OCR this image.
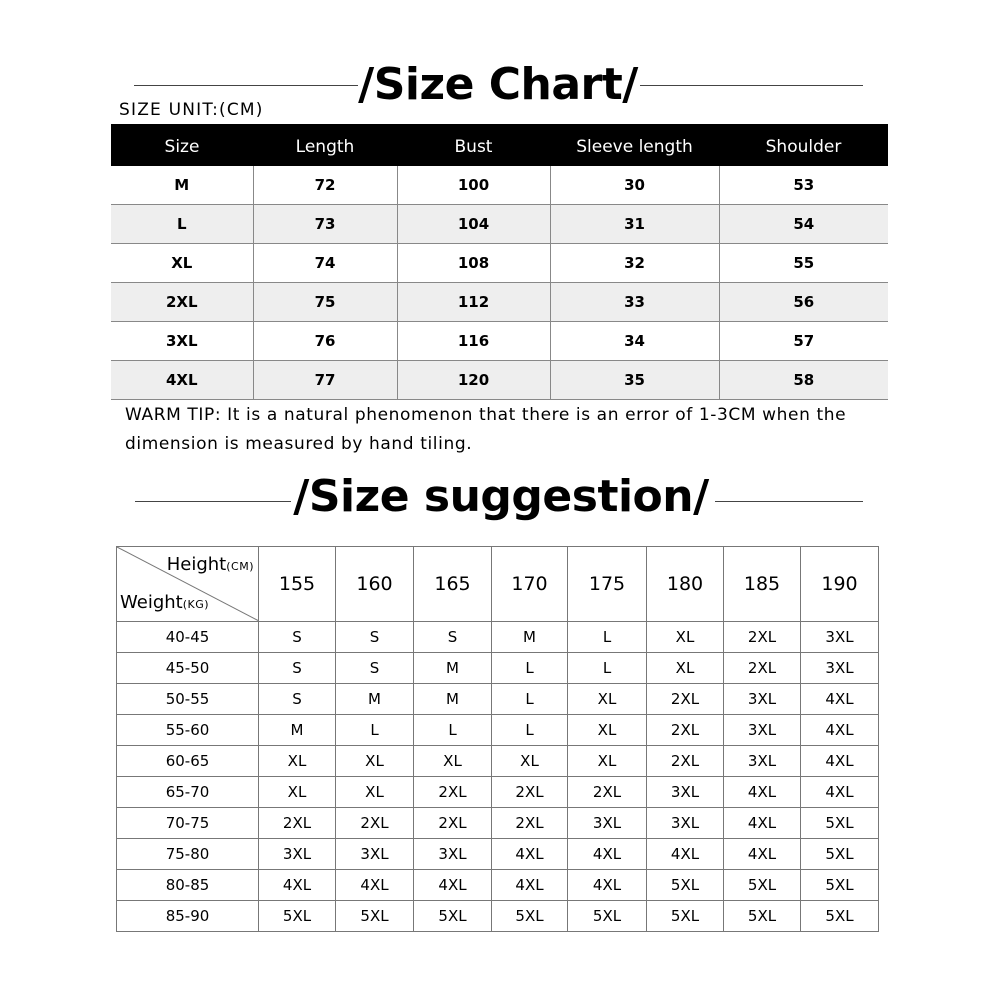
/Size Chart/
SIZE UNIT:(CM)
Size	Length	Bust	Sleeve length	Shoulder
M	72	100	30	53
L	73	104	31	54
XL	74	108	32	55
2XL	75	112	33	56
3XL	76	116	34	57
4XL	77	120	35	58
WARM TIP: It is a natural phenomenon that there is an error of 1-3CM when the dimension is measured by hand tiling.
/Size suggestion/
Height(CM)
Weight(KG)	155	160	165	170	175	180	185	190
40-45	S	S	S	M	L	XL	2XL	3XL
45-50	S	S	M	L	L	XL	2XL	3XL
50-55	S	M	M	L	XL	2XL	3XL	4XL
55-60	M	L	L	L	XL	2XL	3XL	4XL
60-65	XL	XL	XL	XL	XL	2XL	3XL	4XL
65-70	XL	XL	2XL	2XL	2XL	3XL	4XL	4XL
70-75	2XL	2XL	2XL	2XL	3XL	3XL	4XL	5XL
75-80	3XL	3XL	3XL	4XL	4XL	4XL	4XL	5XL
80-85	4XL	4XL	4XL	4XL	4XL	5XL	5XL	5XL
85-90	5XL	5XL	5XL	5XL	5XL	5XL	5XL	5XL
